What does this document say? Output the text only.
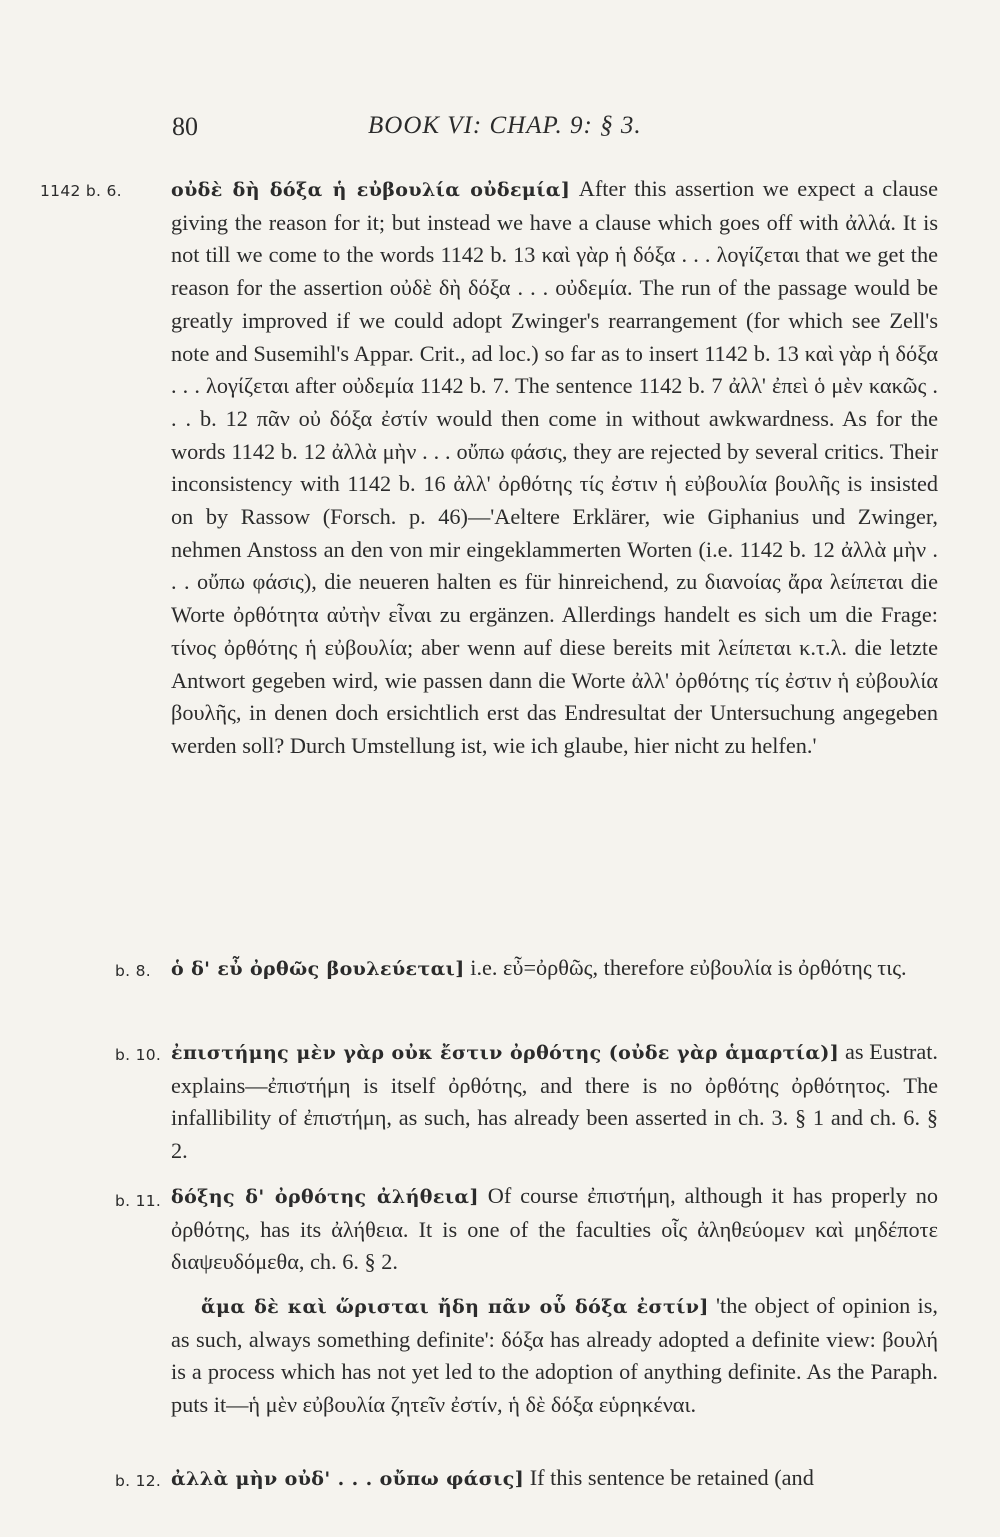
80	BOOK VI: CHAP. 9: § 3.
1142 b. 6.	οὐδὲ δὴ δόξα ἡ εὐβουλία οὐδεμία] After this assertion we expect a clause giving the reason for it; but instead we have a clause which goes off with ἀλλά. It is not till we come to the words 1142 b. 13 καὶ γὰρ ἡ δόξα . . . λογίζεται that we get the reason for the assertion οὐδὲ δὴ δόξα . . . οὐδεμία. The run of the passage would be greatly improved if we could adopt Zwinger's rearrangement (for which see Zell's note and Susemihl's Appar. Crit., ad loc.) so far as to insert 1142 b. 13 καὶ γὰρ ἡ δόξα . . . λογίζεται after οὐδεμία 1142 b. 7. The sentence 1142 b. 7 ἀλλ' ἐπεὶ ὁ μὲν κακῶς . . . b. 12 πᾶν οὐ δόξα ἐστίν would then come in without awkwardness. As for the words 1142 b. 12 ἀλλὰ μὴν . . . οὔπω φάσις, they are rejected by several critics. Their inconsistency with 1142 b. 16 ἀλλ' ὀρθότης τίς ἐστιν ἡ εὐβουλία βουλῆς is insisted on by Rassow (Forsch. p. 46)—'Aeltere Erklärer, wie Giphanius und Zwinger, nehmen Anstoss an den von mir eingeklammerten Worten (i.e. 1142 b. 12 ἀλλὰ μὴν . . . οὔπω φάσις), die neueren halten es für hinreichend, zu διανοίας ἄρα λείπεται die Worte ὀρθότητα αὐτὴν εἶναι zu ergänzen. Allerdings handelt es sich um die Frage: τίνος ὀρθότης ἡ εὐβουλία; aber wenn auf diese bereits mit λείπεται κ.τ.λ. die letzte Antwort gegeben wird, wie passen dann die Worte ἀλλ' ὀρθότης τίς ἐστιν ἡ εὐβουλία βουλῆς, in denen doch ersichtlich erst das Endresultat der Untersuchung angegeben werden soll? Durch Umstellung ist, wie ich glaube, hier nicht zu helfen.'

b. 8.	ὁ δ' εὖ ὀρθῶς βουλεύεται] i.e. εὖ=ὀρθῶς, therefore εὐβουλία is ὀρθότης τις.

b. 10. ἐπιστήμης μὲν γὰρ οὐκ ἔστιν ὀρθότης (οὐδε γὰρ ἁμαρτία)] as Eustrat. explains—ἐπιστήμη is itself ὀρθότης, and there is no ὀρθότης ὀρθότητος. The infallibility of ἐπιστήμη, as such, has already been asserted in ch. 3. § 1 and ch. 6. § 2.

b. 11. δόξης δ' ὀρθότης ἀλήθεια] Of course ἐπιστήμη, although it has properly no ὀρθότης, has its ἀλήθεια. It is one of the faculties οἷς ἀληθεύομεν καὶ μηδέποτε διαψευδόμεθα, ch. 6. § 2.

ἅμα δὲ καὶ ὥρισται ἤδη πᾶν οὗ δόξα ἐστίν] 'the object of opinion is, as such, always something definite': δόξα has already adopted a definite view: βουλή is a process which has not yet led to the adoption of anything definite. As the Paraph. puts it—ἡ μὲν εὐβουλία ζητεῖν ἐστίν, ἡ δὲ δόξα εὑρηκέναι.

b. 12. ἀλλὰ μὴν οὐδ' . . . οὔπω φάσις] If this sentence be retained (and
